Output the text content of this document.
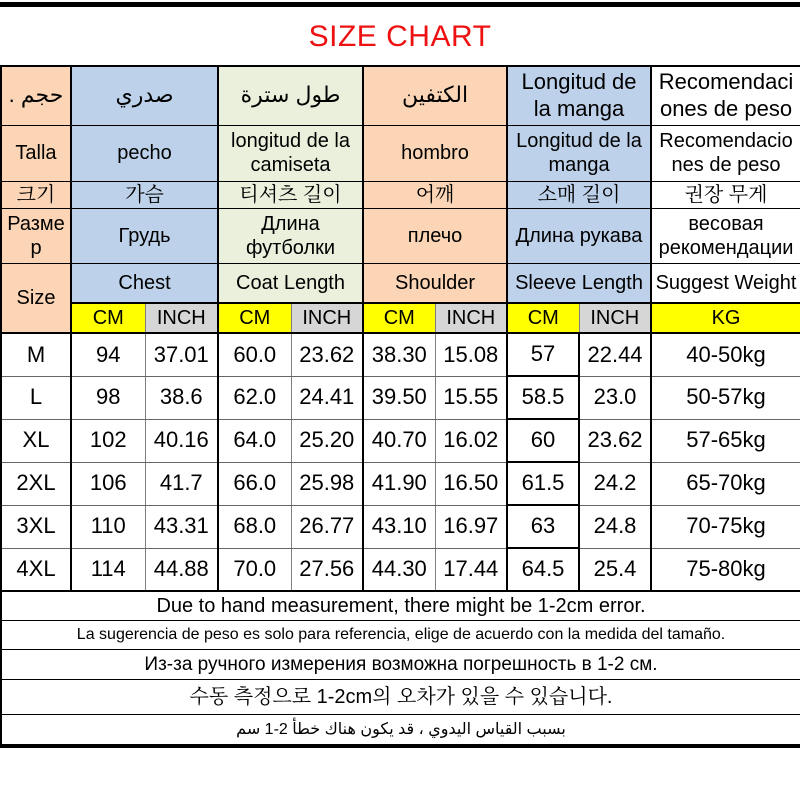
SIZE CHART
. حجم	صدري		طول سترة		الكتفين		Longitud de la manga		Recomendaciones de peso
Talla	pecho		longitud de la camiseta		hombro		Longitud de la manga		Recomendaciones de peso
크기	가슴		티셔츠 길이		어깨		소매 길이		권장 무게
Размер	Грудь		Длина футболки		плечо		Длина рукава		весовая рекомендации
Size	Chest		Coat Length		Shoulder		Sleeve Length		Suggest Weight
	CM	INCH	CM	INCH	CM	INCH	CM	INCH	KG
M	94	37.01	60.0	23.62	38.30	15.08	57	22.44	40-50kg
L	98	38.6	62.0	24.41	39.50	15.55	58.5	23.0	50-57kg
XL	102	40.16	64.0	25.20	40.70	16.02	60	23.62	57-65kg
2XL	106	41.7	66.0	25.98	41.90	16.50	61.5	24.2	65-70kg
3XL	110	43.31	68.0	26.77	43.10	16.97	63	24.8	70-75kg
4XL	114	44.88	70.0	27.56	44.30	17.44	64.5	25.4	75-80kg
Due to hand measurement, there might be 1-2cm error.									
La sugerencia de peso es solo para referencia, elige de acuerdo con la medida del tamaño.									
Из-за ручного измерения возможна погрешность в 1-2 см.									
수동 측정으로 1-2cm의 오차가 있을 수 있습니다.									
بسبب القياس اليدوي ، قد يكون هناك خطأ 2-1 سم									
